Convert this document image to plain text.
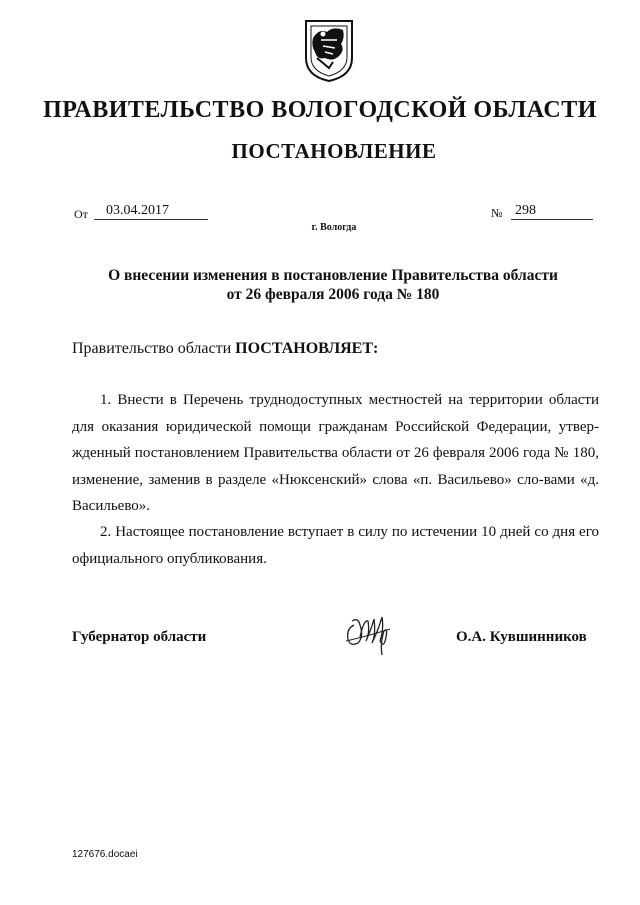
ПРАВИТЕЛЬСТВО ВОЛОГОДСКОЙ ОБЛАСТИ
ПОСТАНОВЛЕНИЕ
От	03.04.2017	№ 298
г. Вологда
О внесении изменения в постановление Правительства области
от 26 февраля 2006 года № 180
Правительство области ПОСТАНОВЛЯЕТ:

1. Внести в Перечень труднодоступных местностей на территории области для оказания юридической помощи гражданам Российской Федерации, утвер-жденный постановлением Правительства области от 26 февраля 2006 года № 180, изменение, заменив в разделе «Нюксенский» слова «п. Васильево» сло-вами «д. Васильево».

2. Настоящее постановление вступает в силу по истечении 10 дней со дня его официального опубликования.

Губернатор области	О.А. Кувшинников
127676.docaei
